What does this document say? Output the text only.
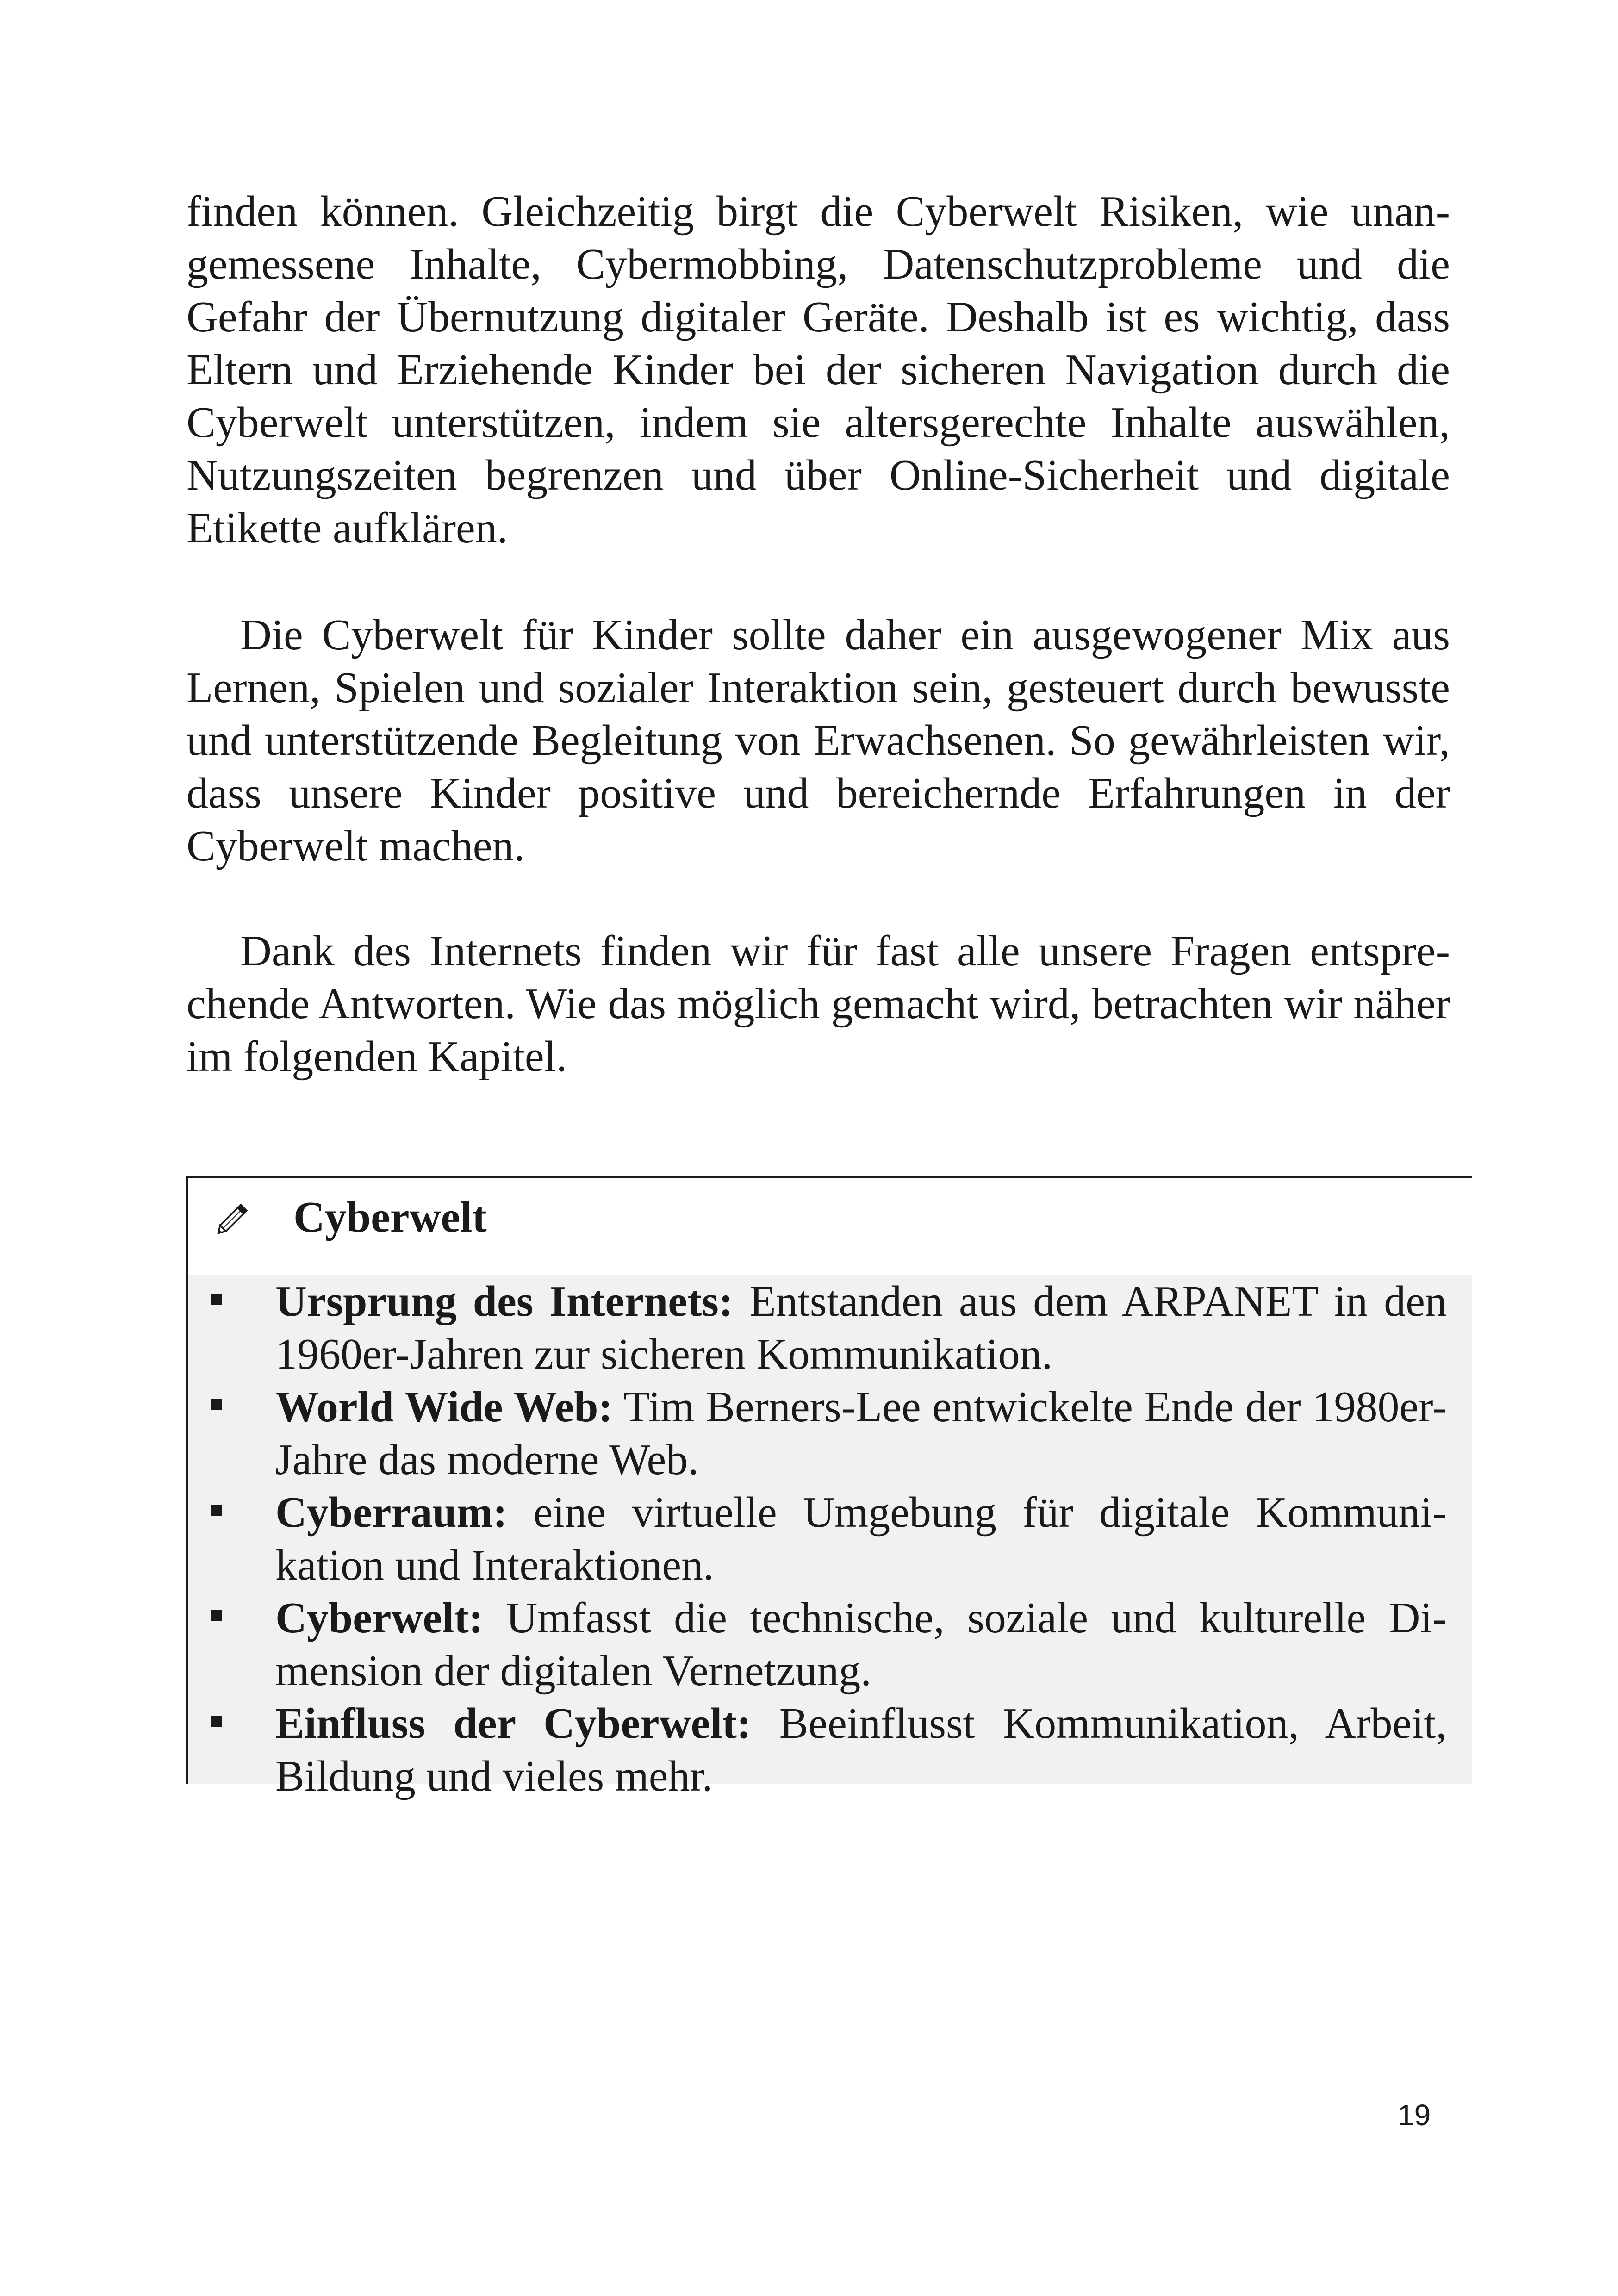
finden können. Gleichzeitig birgt die Cyberwelt Risiken, wie unangemessene Inhalte, Cybermobbing, Datenschutzprobleme und die Gefahr der Übernutzung digitaler Geräte. Deshalb ist es wichtig, dass Eltern und Erziehende Kinder bei der sicheren Navigation durch die Cyberwelt unterstützen, indem sie altersgerechte Inhalte auswählen, Nutzungszeiten begrenzen und über Online-Sicherheit und digitale Etikette aufklären.

Die Cyberwelt für Kinder sollte daher ein ausgewogener Mix aus Lernen, Spielen und sozialer Interaktion sein, gesteuert durch bewusste und unterstützende Begleitung von Erwachsenen. So gewährleisten wir, dass unsere Kinder positive und bereichernde Erfahrungen in der Cyberwelt machen.

Dank des Internets finden wir für fast alle unsere Fragen entsprechende Antworten. Wie das möglich gemacht wird, betrachten wir näher im folgenden Kapitel.

Cyberwelt
Ursprung des Internets: Entstanden aus dem ARPANET in den 1960er-Jahren zur sicheren Kommunikation.
World Wide Web: Tim Berners-Lee entwickelte Ende der 1980er-Jahre das moderne Web.
Cyberraum: eine virtuelle Umgebung für digitale Kommunikation und Interaktionen.
Cyberwelt: Umfasst die technische, soziale und kulturelle Dimension der digitalen Vernetzung.
Einfluss der Cyberwelt: Beeinflusst Kommunikation, Arbeit, Bildung und vieles mehr.
19
